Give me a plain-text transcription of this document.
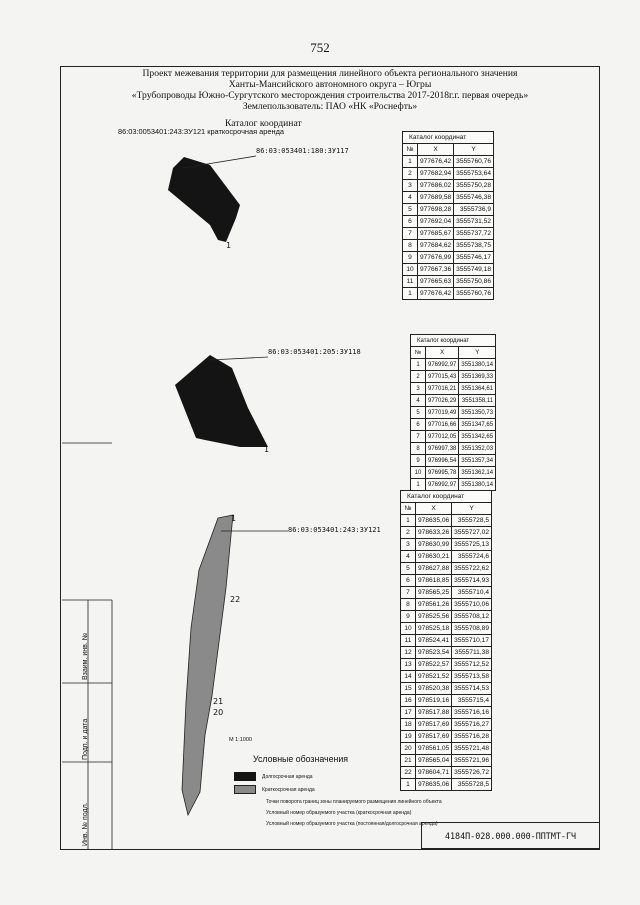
752
Проект межевания территории для размещения линейного объекта регионального значения
Ханты-Мансийского автономного округа – Югры
«Трубопроводы Южно-Сургутского месторождения строительства 2017-2018г.г. первая очередь»
Землепользователь: ПАО «НК «Роснефть»
Каталог координат
86:03:0053401:243:ЗУ121 краткосрочная аренда
22
21
20
1
1
1
86:03:053401:180:ЗУ117
86:03:053401:205:ЗУ118
86:03:053401:243:ЗУ121
Каталог координат		
№	X	Y
1	977676,42	3555760,76
2	977682,94	3555753,64
3	977686,02	3555750,28
4	977689,58	3555746,38
5	977698,28	3555736,9
6	977692,04	3555731,52
7	977685,67	3555737,72
8	977684,62	3555738,75
9	977676,99	3555746,17
10	977667,36	3555749,18
11	977665,63	3555750,86
1	977676,42	3555760,76
Каталог координат		
№	X	Y
1	976992,97	3551380,14
2	977015,43	3551369,33
3	977016,21	3551364,61
4	977026,29	3551358,11
5	977019,49	3551350,73
6	977016,66	3551347,65
7	977012,05	3551342,65
8	976997,38	3551352,03
9	976996,54	3551357,34
10	976995,78	3551362,14
1	976992,97	3551380,14
Каталог координат		
№	X	Y
1	978635,06	3555728,5
2	978633,26	3555727,02
3	978630,99	3555725,13
4	978630,21	3555724,6
5	978627,88	3555722,62
6	978618,85	3555714,93
7	978565,25	3555710,4
8	978561,26	3555710,06
9	978525,56	3555708,12
10	978525,18	3555708,89
11	978524,41	3555710,17
12	978523,54	3555711,38
13	978522,57	3555712,52
14	978521,52	3555713,58
15	978520,38	3555714,53
16	978519,16	3555715,4
17	978517,88	3555716,16
18	978517,69	3555716,27
19	978517,69	3555716,28
20	978561,05	3555721,48
21	978565,04	3555721,96
22	978604,71	3555726,72
1	978635,06	3555728,5
Взаим. инв. №
Подп. и дата
Инв. № подл.
М 1:1000
Условные обозначения
Долгосрочная аренда
Краткосрочная аренда
Точки поворота границ зоны планируемого размещения линейного объекта
Условный номер образуемого участка (краткосрочная аренда)
Условный номер образуемого участка (постоянная/долгосрочная аренда)
4184П-028.000.000-ППТМТ-ГЧ
